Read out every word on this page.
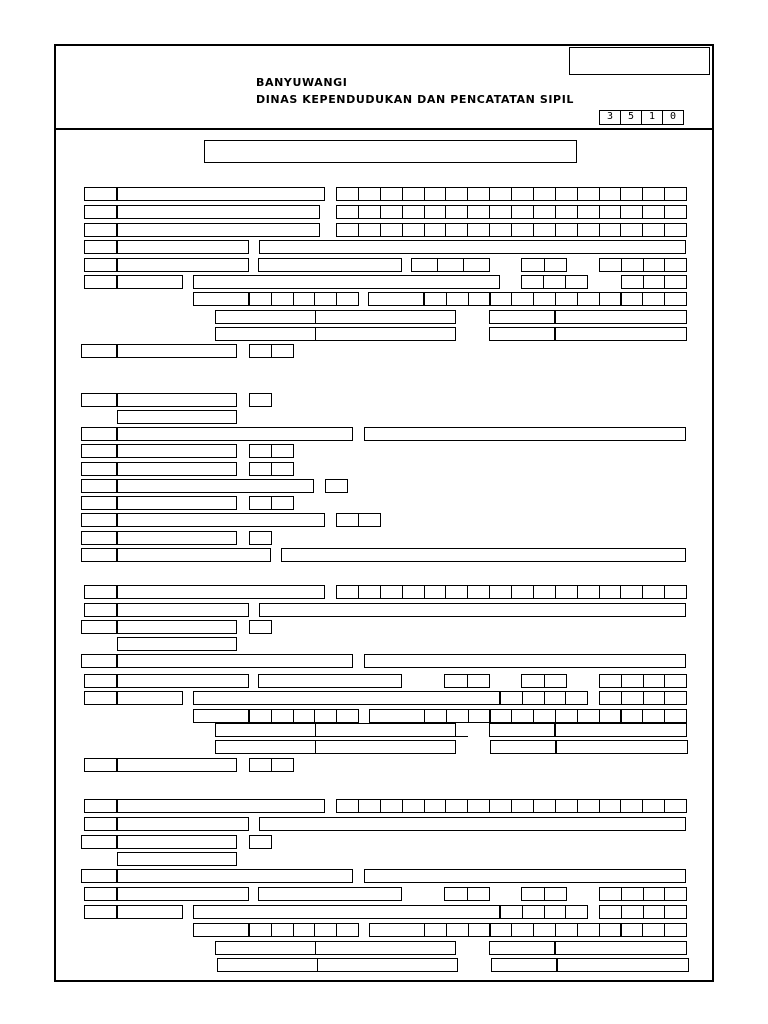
BANYUWANGI
DINAS KEPENDUDUKAN DAN PENCATATAN SIPIL
3	5	1	0
